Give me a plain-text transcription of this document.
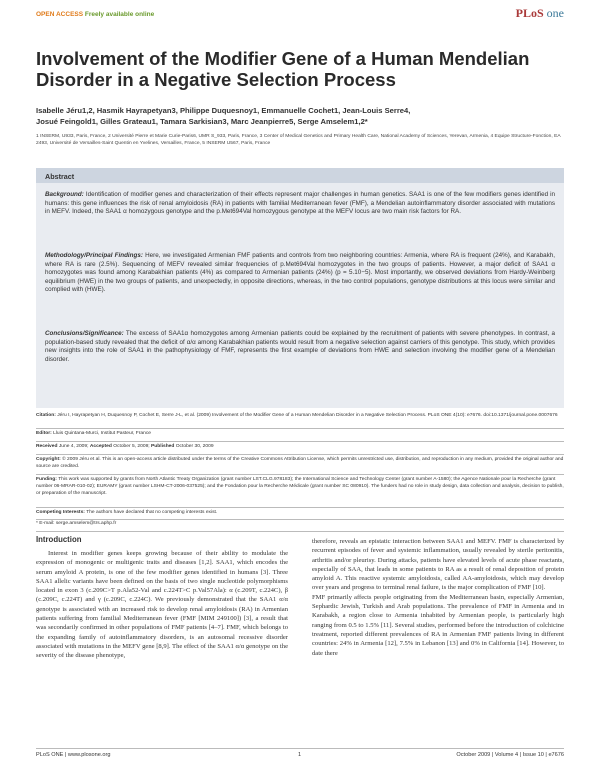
OPEN ACCESS Freely available online	PLoS one
Involvement of the Modifier Gene of a Human Mendelian Disorder in a Negative Selection Process
Isabelle Jéru1,2, Hasmik Hayrapetyan3, Philippe Duquesnoy1, Emmanuelle Cochet1, Jean-Louis Serre4,
Josué Feingold1, Gilles Grateau1, Tamara Sarkisian3, Marc Jeanpierre5, Serge Amselem1,2*
1 INSERM, U933, Paris, France, 2 Université Pierre et Marie Curie-Paris6, UMR S_933, Paris, France, 3 Center of Medical Genetics and Primary Health Care, National Academy of Sciences, Yerevan, Armenia, 4 Equipe Structure-Fonction, EA 2493, Université de Versailles-Saint Quentin en Yvelines, Versailles, France, 5 INSERM U567, Paris, France
Abstract
Background: Identification of modifier genes and characterization of their effects represent major challenges in human genetics. SAA1 is one of the few modifiers genes identified in humans: this gene influences the risk of renal amyloidosis (RA) in patients with familial Mediterranean fever (FMF), a Mendelian autoinflammatory disorder associated with mutations in MEFV. Indeed, the SAA1 α homozygous genotype and the p.Met694Val homozygous genotype at the MEFV locus are two main risk factors for RA.
Methodology/Principal Findings: Here, we investigated Armenian FMF patients and controls from two neighboring countries: Armenia, where RA is frequent (24%), and Karabakh, where RA is rare (2.5%). Sequencing of MEFV revealed similar frequencies of p.Met694Val homozygotes in the two groups of patients. However, a major deficit of SAA1 α homozygotes was found among Karabakhian patients (4%) as compared to Armenian patients (24%) (p = 5.10−5). Most importantly, we observed deviations from Hardy-Weinberg equilibrium (HWE) in the two groups of patients, and unexpectedly, in opposite directions, whereas, in the two control populations, genotype distributions at this locus were similar and complied with (HWE).
Conclusions/Significance: The excess of SAA1α homozygotes among Armenian patients could be explained by the recruitment of patients with severe phenotypes. In contrast, a population-based study revealed that the deficit of α/α among Karabakhian patients would result from a negative selection against carriers of this genotype. This study, which provides new insights into the role of SAA1 in the pathophysiology of FMF, represents the first example of deviations from HWE and selection involving the modifier gene of a Mendelian disorder.
Citation: Jéru I, Hayrapetyan H, Duquesnoy P, Cochet E, Serre J-L, et al. (2009) Involvement of the Modifier Gene of a Human Mendelian Disorder in a Negative Selection Process. PLoS ONE 4(10): e7676. doi:10.1371/journal.pone.0007676
Editor: Lluis Quintana-Murci, Institut Pasteur, France
Received June 4, 2009; Accepted October 5, 2009; Published October 30, 2009
Copyright: © 2009 Jéru et al. This is an open-access article distributed under the terms of the Creative Commons Attribution License, which permits unrestricted use, distribution, and reproduction in any medium, provided the original author and source are credited.
Funding: This work was supported by grants from North Atlantic Treaty Organization (grant number LST.CLG.978183); the International Science and Technology Center (grant number A-1580); the Agence Nationale pour la Recherche (grant number 06-MRAR-010-02); EURAMY (grant number LSHM-CT-2006-037525); and the Fondation pour la Recherche Médicale (grant number SC 080910). The funders had no role in study design, data collection and analysis, decision to publish, or preparation of the manuscript.
Competing Interests: The authors have declared that no competing interests exist.
* E-mail: serge.amselem@trs.aphp.fr
Introduction
Interest in modifier genes keeps growing because of their ability to modulate the expression of monogenic or multigenic traits and diseases [1,2]. SAA1, which encodes the serum amyloid A protein, is one of the few modifier genes identified in humans [3]. Three SAA1 allelic variants have been defined on the basis of two single nucleotide polymorphisms located in exon 3 (c.209C>T p.Ala52-Val and c.224T>C p.Val57Ala): α (c.209T, c.224C), β (c.209C, c.224T) and γ (c.209C, c.224C). We previously demonstrated that the SAA1 α/α genotype is associated with an increased risk to develop renal amyloidosis (RA) in Armenian patients suffering from familial Mediterranean fever (FMF [MIM 249100]) [3], a result that was secondarily confirmed in other populations of FMF patients [4–7]. FMF, which belongs to the expanding family of autoinflammatory disorders, is an autosomal recessive disorder associated with mutations in the MEFV gene [8,9]. The effect of the SAA1 α/α genotype on the severity of the disease phenotype,
therefore, reveals an epistatic interaction between SAA1 and MEFV. FMF is characterized by recurrent episodes of fever and systemic inflammation, usually revealed by sterile peritonitis, arthritis and/or pleurisy. During attacks, patients have elevated levels of acute phase reactants, especially of SAA, that leads in some patients to RA as a result of renal deposition of protein amyloid A. This reactive systemic amyloidosis, called AA-amyloidosis, which may develop over years and progress to terminal renal failure, is the major complication of FMF [10].
FMF primarily affects people originating from the Mediterranean basin, especially Armenian, Sephardic Jewish, Turkish and Arab populations. The prevalence of FMF in Armenia and in Karabakh, a region close to Armenia inhabited by Armenian people, is particularly high ranging from 0.5 to 1.5% [11]. Several studies, performed before the introduction of colchicine treatment, reported different prevalences of RA in Armenian FMF patients living in different countries: 24% in Armenia [12], 7.5% in Lebanon [13] and 0% in California [14]. However, to date there
PLoS ONE | www.plosone.org	1	October 2009 | Volume 4 | Issue 10 | e7676
